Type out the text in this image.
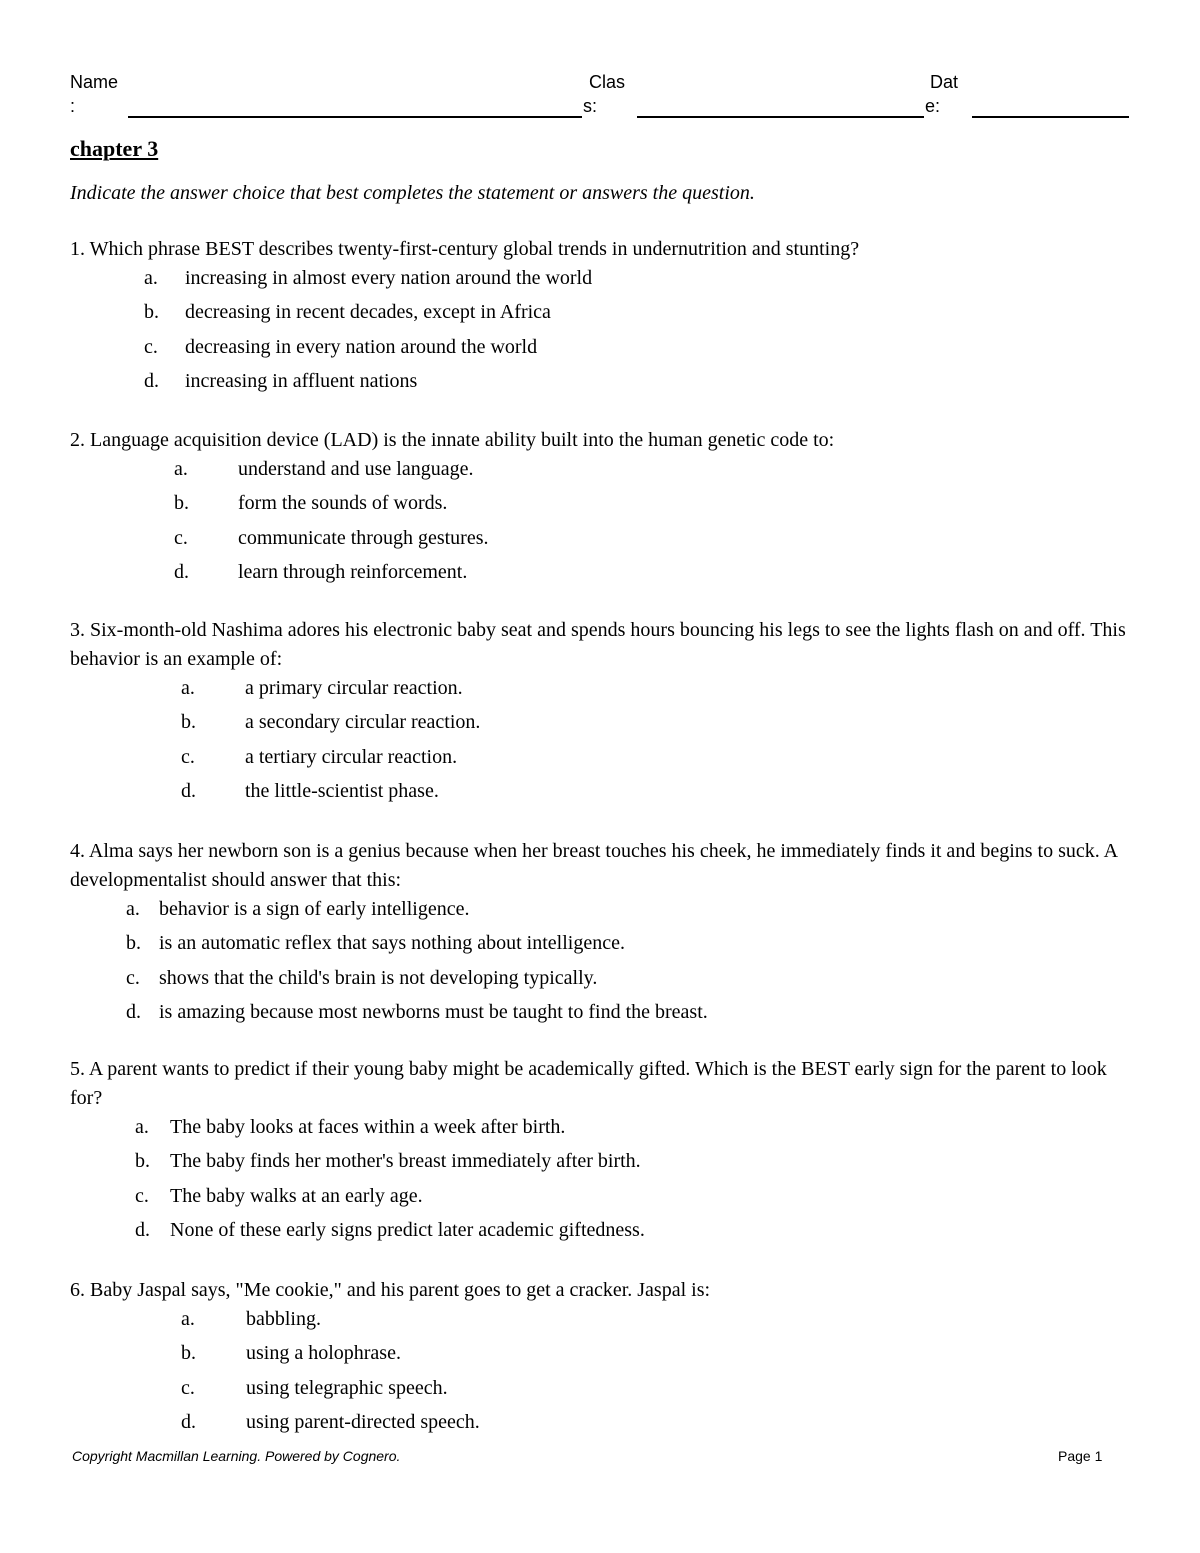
Name
:
Clas
s:
Dat
e:
chapter 3
Indicate the answer choice that best completes the statement or answers the question.

1. Which phrase BEST describes twenty-first-century global trends in undernutrition and stunting?

a. increasing in almost every nation around the world
b. decreasing in recent decades, except in Africa
c. decreasing in every nation around the world
d. increasing in affluent nations

2. Language acquisition device (LAD) is the innate ability built into the human genetic code to:

a.	understand and use language.
b. form the sounds of words.
c.	communicate through gestures.
d. learn through reinforcement.

3. Six-month-old Nashima adores his electronic baby seat and spends hours bouncing his legs to see the lights flash on and off. This behavior is an example of:

a.	a primary circular reaction.
b. a secondary circular reaction.
c.	a tertiary circular reaction.
d. the little-scientist phase.

4. Alma says her newborn son is a genius because when her breast touches his cheek, he immediately finds it and begins to suck. A developmentalist should answer that this:

a. behavior is a sign of early intelligence.
b. is an automatic reflex that says nothing about intelligence.
c. shows that the child's brain is not developing typically.
d. is amazing because most newborns must be taught to find the breast.

5. A parent wants to predict if their young baby might be academically gifted. Which is the BEST early sign for the parent to look for?

a. The baby looks at faces within a week after birth.
b. The baby finds her mother's breast immediately after birth.
c. The baby walks at an early age.
d. None of these early signs predict later academic giftedness.

6. Baby Jaspal says, "Me cookie," and his parent goes to get a cracker. Jaspal is:

a.	babbling.
b.	using a holophrase.
c.	using telegraphic speech.
d.	using parent-directed speech.
Copyright Macmillan Learning. Powered by Cognero.	Page 1
